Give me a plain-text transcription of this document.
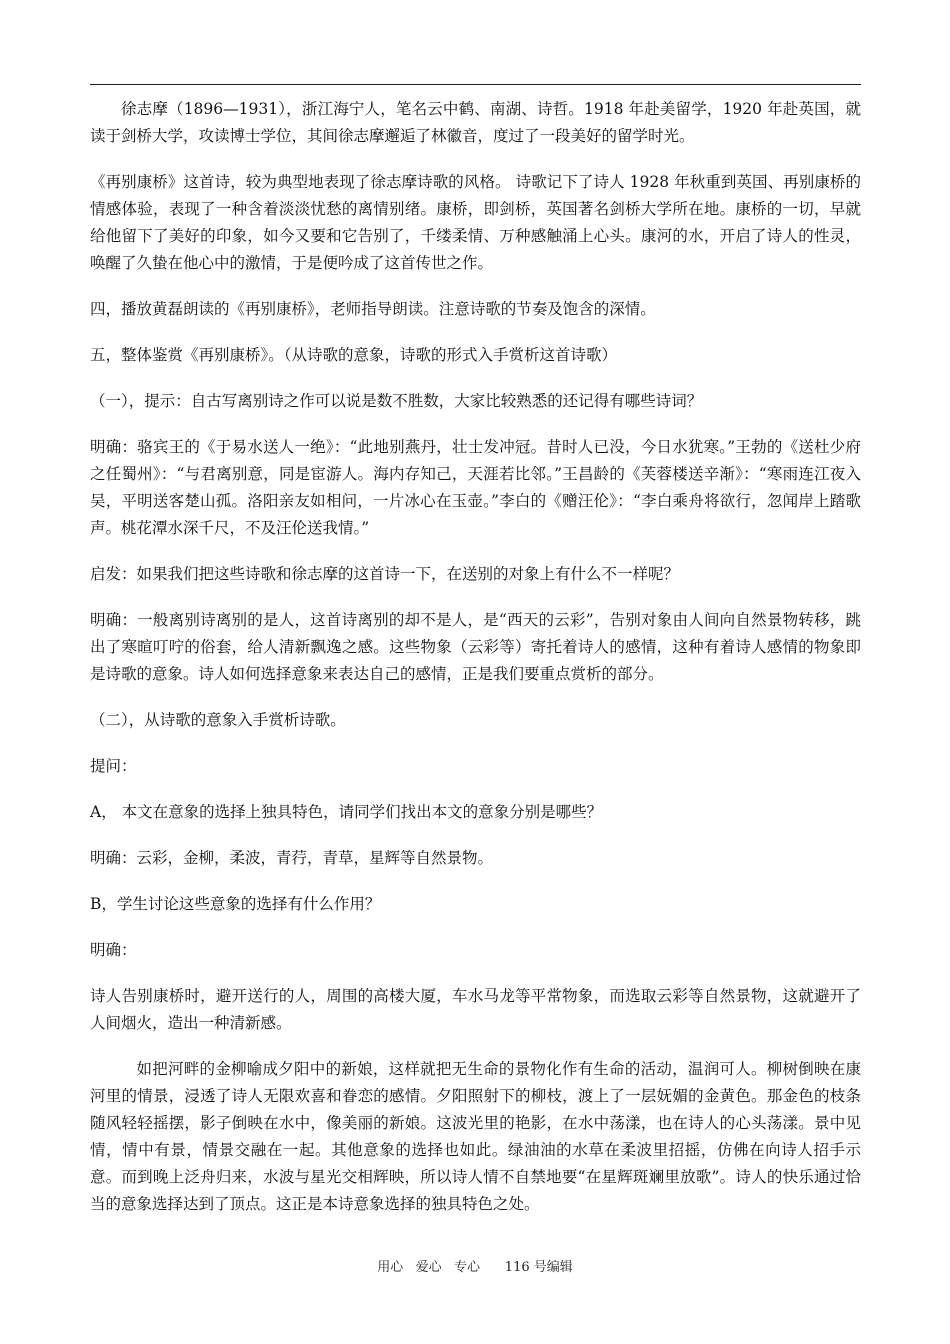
徐志摩（1896—1931），浙江海宁人，笔名云中鹤、南湖、诗哲。1918 年赴美留学，1920 年赴英国，就读于剑桥大学，攻读博士学位，其间徐志摩邂逅了林徽音，度过了一段美好的留学时光。

《再别康桥》这首诗，较为典型地表现了徐志摩诗歌的风格。 诗歌记下了诗人 1928 年秋重到英国、再别康桥的情感体验，表现了一种含着淡淡忧愁的离情别绪。康桥，即剑桥，英国著名剑桥大学所在地。康桥的一切，早就给他留下了美好的印象，如今又要和它告别了，千缕柔情、万种感触涌上心头。康河的水，开启了诗人的性灵，唤醒了久蛰在他心中的激情，于是便吟成了这首传世之作。

四，播放黄磊朗读的《再别康桥》，老师指导朗读。注意诗歌的节奏及饱含的深情。

五，整体鉴赏《再别康桥》。（从诗歌的意象，诗歌的形式入手赏析这首诗歌）

（一），提示：自古写离别诗之作可以说是数不胜数，大家比较熟悉的还记得有哪些诗词？

明确：骆宾王的《于易水送人一绝》：“此地别燕丹，壮士发冲冠。昔时人已没，今日水犹寒。”王勃的《送杜少府之任蜀州》：“与君离别意，同是宦游人。海内存知己，天涯若比邻。”王昌龄的《芙蓉楼送辛渐》：“寒雨连江夜入吴，平明送客楚山孤。洛阳亲友如相问，一片冰心在玉壶。”李白的《赠汪伦》：“李白乘舟将欲行，忽闻岸上踏歌声。桃花潭水深千尺，不及汪伦送我情。”

启发：如果我们把这些诗歌和徐志摩的这首诗一下，在送别的对象上有什么不一样呢？

明确：一般离别诗离别的是人，这首诗离别的却不是人，是“西天的云彩”，告别对象由人间向自然景物转移，跳出了寒暄叮咛的俗套，给人清新飘逸之感。这些物象（云彩等）寄托着诗人的感情，这种有着诗人感情的物象即是诗歌的意象。诗人如何选择意象来表达自己的感情，正是我们要重点赏析的部分。

（二），从诗歌的意象入手赏析诗歌。

提问：

A， 本文在意象的选择上独具特色，请同学们找出本文的意象分别是哪些？

明确：云彩，金柳，柔波，青荇，青草，星辉等自然景物。

B，学生讨论这些意象的选择有什么作用？

明确：

诗人告别康桥时，避开送行的人，周围的高楼大厦，车水马龙等平常物象，而选取云彩等自然景物，这就避开了人间烟火，造出一种清新感。

如把河畔的金柳喻成夕阳中的新娘，这样就把无生命的景物化作有生命的活动，温润可人。柳树倒映在康河里的情景，浸透了诗人无限欢喜和眷恋的感情。夕阳照射下的柳枝，渡上了一层妩媚的金黄色。那金色的枝条随风轻轻摇摆，影子倒映在水中，像美丽的新娘。这波光里的艳影，在水中荡漾，也在诗人的心头荡漾。景中见情，情中有景，情景交融在一起。其他意象的选择也如此。绿油油的水草在柔波里招摇，仿佛在向诗人招手示意。而到晚上泛舟归来，水波与星光交相辉映，所以诗人情不自禁地要“在星辉斑斓里放歌”。诗人的快乐通过恰当的意象选择达到了顶点。这正是本诗意象选择的独具特色之处。

用心   爱心   专心      116 号编辑
